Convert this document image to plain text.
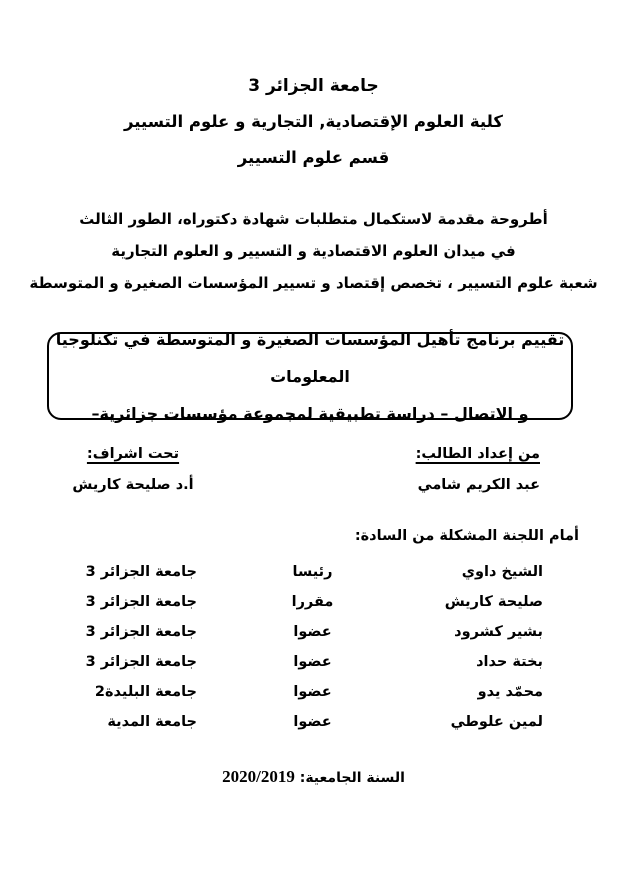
جامعة الجزائر 3
كلية العلوم الإقتصادية, التجارية و علوم التسيير
قسم علوم التسيير
أطروحة مقدمة لاستكمال متطلبات شهادة دكتوراه، الطور الثالث
في ميدان العلوم الاقتصادية و التسيير و العلوم التجارية
شعبة علوم التسيير ، تخصص إقتصاد و تسيير المؤسسات الصغيرة و المتوسطة
تقييم برنامج تأهيل المؤسسات الصغيرة و المتوسطة في تكنلوجيا المعلومات
و الاتصال – دراسة تطبيقية لمجموعة مؤسسات جزائرية–
من إعداد الطالب:
عبد الكريم شامي
تحت اشراف:
أ.د صليحة كاريش
أمام اللجنة المشكلة من السادة:
الشيخ داوي
رئيسا
جامعة الجزائر 3
صليحة كاريش
مقررا
جامعة الجزائر 3
بشير كشرود
عضوا
جامعة الجزائر 3
بختة حداد
عضوا
جامعة الجزائر 3
محمّد يدو
عضوا
جامعة البليدة2
لمين علوطي
عضوا
جامعة المدية
السنة الجامعية: 2020/2019
